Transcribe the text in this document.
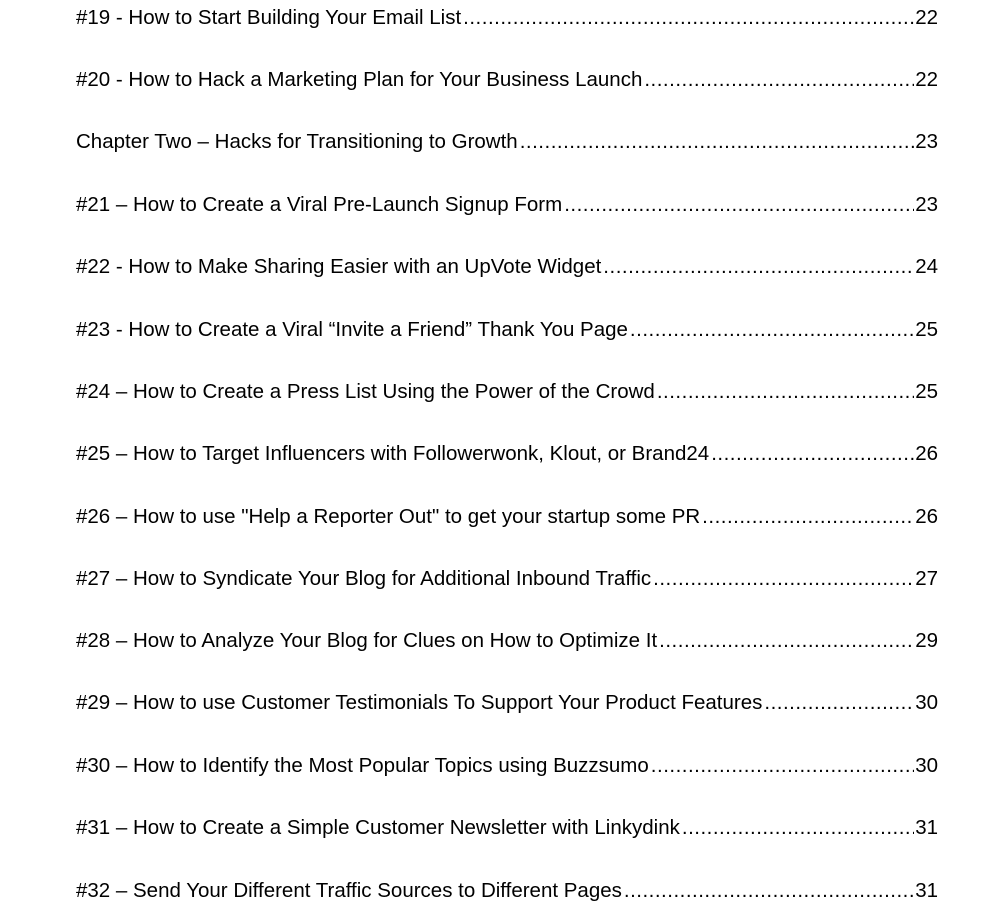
#19 - How to Start Building Your Email List .....	22
#20 - How to Hack a Marketing Plan for Your Business Launch .....	22
Chapter Two – Hacks for Transitioning to Growth .....	23
#21 – How to Create a Viral Pre-Launch Signup Form .....	23
#22 - How to Make Sharing Easier with an UpVote Widget .....	24
#23 - How to Create a Viral “Invite a Friend” Thank You Page .....	25
#24 – How to Create a Press List Using the Power of the Crowd .....	25
#25 – How to Target Influencers with Followerwonk, Klout, or Brand24 .....	26
#26 – How to use "Help a Reporter Out" to get your startup some PR .....	26
#27 – How to Syndicate Your Blog for Additional Inbound Traffic .....	27
#28 – How to Analyze Your Blog for Clues on How to Optimize It .....	29
#29 – How to use Customer Testimonials To Support Your Product Features .....	30
#30 – How to Identify the Most Popular Topics using Buzzsumo .....	30
#31 – How to Create a Simple Customer Newsletter with Linkydink .....	31
#32 – Send Your Different Traffic Sources to Different Pages .....	31
